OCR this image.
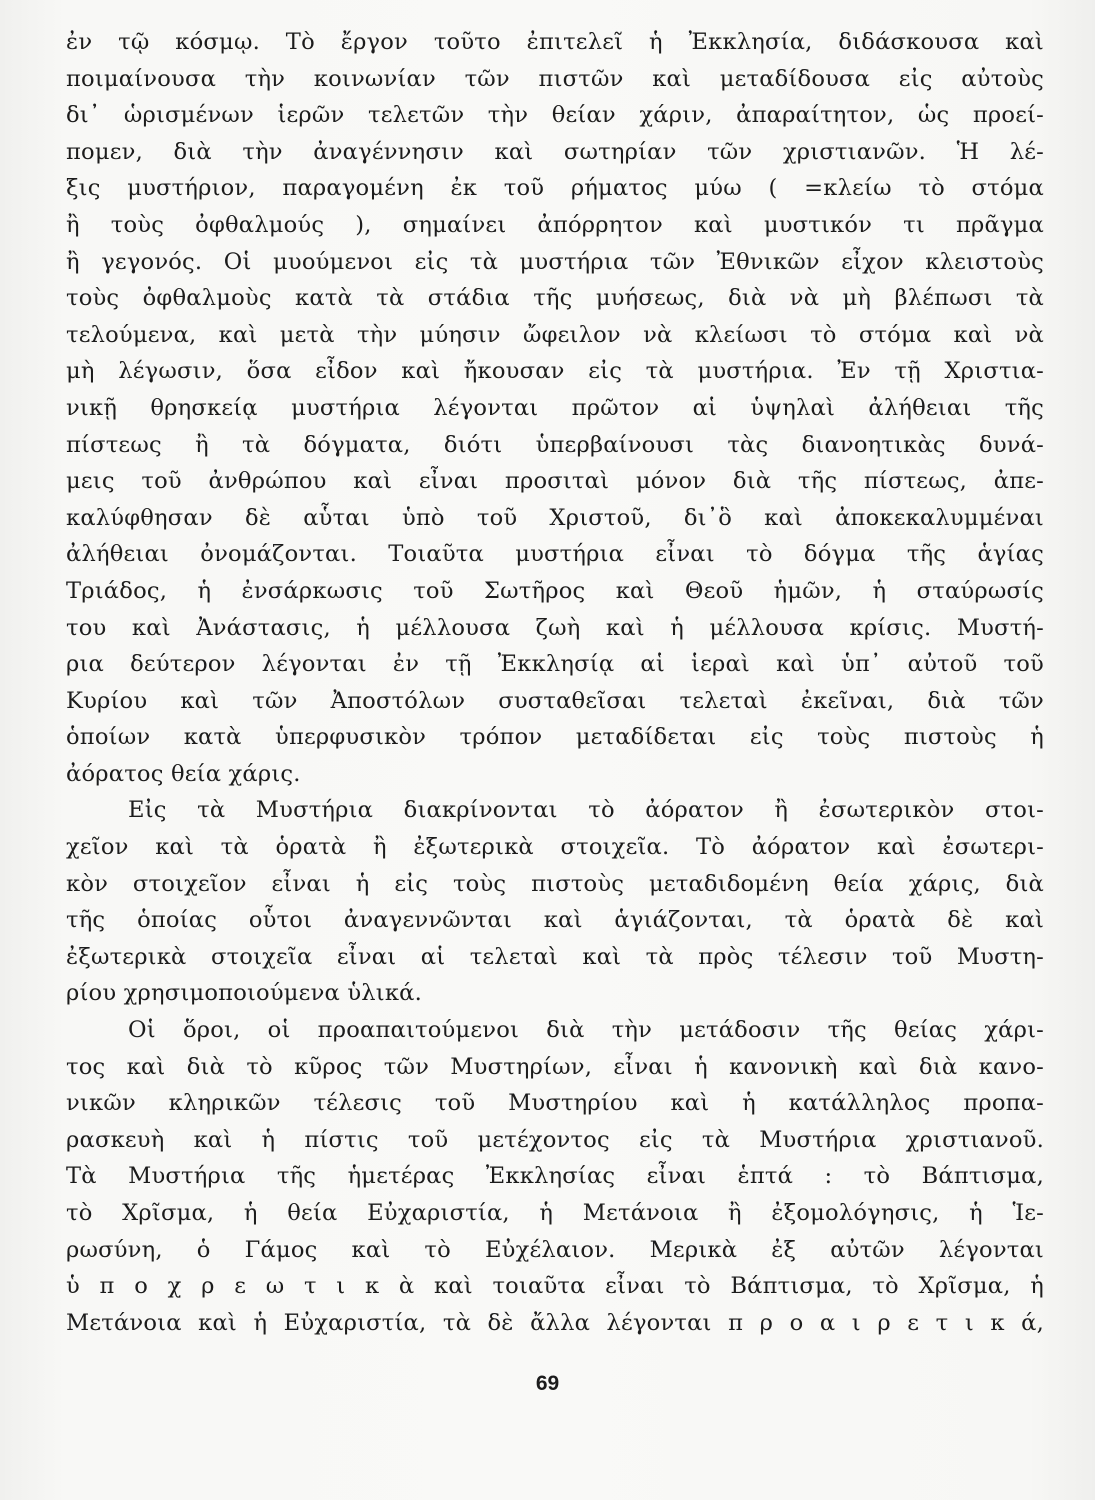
ἐν τῷ κόσμῳ. Τὸ ἔργον τοῦτο ἐπιτελεῖ ἡ Ἐκκλησία, διδάσκουσα καὶ
ποιμαίνουσα τὴν κοινωνίαν τῶν πιστῶν καὶ μεταδίδουσα εἰς αὐτοὺς
δι᾽ ὡρισμένων ἱερῶν τελετῶν τὴν θείαν χάριν, ἀπαραίτητον, ὡς προεί-
πομεν, διὰ τὴν ἀναγέννησιν καὶ σωτηρίαν τῶν χριστιανῶν. Ἡ λέ-
ξις μυστήριον, παραγομένη ἐκ τοῦ ρήματος μύω ( =κλείω τὸ στόμα
ἢ τοὺς ὀφθαλμούς ), σημαίνει ἀπόρρητον καὶ μυστικόν τι πρᾶγμα
ἢ γεγονός. Οἱ μυούμενοι εἰς τὰ μυστήρια τῶν Ἐθνικῶν εἶχον κλειστοὺς
τοὺς ὀφθαλμοὺς κατὰ τὰ στάδια τῆς μυήσεως, διὰ νὰ μὴ βλέπωσι τὰ
τελούμενα, καὶ μετὰ τὴν μύησιν ὤφειλον νὰ κλείωσι τὸ στόμα καὶ νὰ
μὴ λέγωσιν, ὅσα εἶδον καὶ ἤκουσαν εἰς τὰ μυστήρια. Ἐν τῇ Χριστια-
νικῇ θρησκείᾳ μυστήρια λέγονται πρῶτον αἱ ὑψηλαὶ ἀλήθειαι τῆς
πίστεως ἢ τὰ δόγματα, διότι ὑπερβαίνουσι τὰς διανοητικὰς δυνά-
μεις τοῦ ἀνθρώπου καὶ εἶναι προσιταὶ μόνον διὰ τῆς πίστεως, ἀπε-
καλύφθησαν δὲ αὗται ὑπὸ τοῦ Χριστοῦ, δι᾽ὃ καὶ ἀποκεκαλυμμέναι
ἀλήθειαι ὀνομάζονται. Τοιαῦτα μυστήρια εἶναι τὸ δόγμα τῆς ἁγίας
Τριάδος, ἡ ἐνσάρκωσις τοῦ Σωτῆρος καὶ Θεοῦ ἡμῶν, ἡ σταύρωσίς
του καὶ Ἀνάστασις, ἡ μέλλουσα ζωὴ καὶ ἡ μέλλουσα κρίσις. Μυστή-
ρια δεύτερον λέγονται ἐν τῇ Ἐκκλησίᾳ αἱ ἱεραὶ καὶ ὑπ᾽ αὐτοῦ τοῦ
Κυρίου καὶ τῶν Ἀποστόλων συσταθεῖσαι τελεταὶ ἐκεῖναι, διὰ τῶν
ὁποίων κατὰ ὑπερφυσικὸν τρόπον μεταδίδεται εἰς τοὺς πιστοὺς ἡ
ἀόρατος θεία χάρις.
Εἰς τὰ Μυστήρια διακρίνονται τὸ ἀόρατον ἢ ἐσωτερικὸν στοι-
χεῖον καὶ τὰ ὁρατὰ ἢ ἐξωτερικὰ στοιχεῖα. Τὸ ἀόρατον καὶ ἐσωτερι-
κὸν στοιχεῖον εἶναι ἡ εἰς τοὺς πιστοὺς μεταδιδομένη θεία χάρις, διὰ
τῆς ὁποίας οὗτοι ἀναγεννῶνται καὶ ἁγιάζονται, τὰ ὁρατὰ δὲ καὶ
ἐξωτερικὰ στοιχεῖα εἶναι αἱ τελεταὶ καὶ τὰ πρὸς τέλεσιν τοῦ Μυστη-
ρίου χρησιμοποιούμενα ὑλικά.
Οἱ ὅροι, οἱ προαπαιτούμενοι διὰ τὴν μετάδοσιν τῆς θείας χάρι-
τος καὶ διὰ τὸ κῦρος τῶν Μυστηρίων, εἶναι ἡ κανονικὴ καὶ διὰ κανο-
νικῶν κληρικῶν τέλεσις τοῦ Μυστηρίου καὶ ἡ κατάλληλος προπα-
ρασκευὴ καὶ ἡ πίστις τοῦ μετέχοντος εἰς τὰ Μυστήρια χριστιανοῦ.
Τὰ Μυστήρια τῆς ἡμετέρας Ἐκκλησίας εἶναι ἑπτά : τὸ Βάπτισμα,
τὸ Χρῖσμα, ἡ θεία Εὐχαριστία, ἡ Μετάνοια ἢ ἐξομολόγησις, ἡ Ἱε-
ρωσύνη, ὁ Γάμος καὶ τὸ Εὐχέλαιον. Μερικὰ ἐξ αὐτῶν λέγονται
ὑ π ο χ ρ ε ω τ ι κ ὰ καὶ τοιαῦτα εἶναι τὸ Βάπτισμα, τὸ Χρῖσμα, ἡ
Μετάνοια καὶ ἡ Εὐχαριστία, τὰ δὲ ἄλλα λέγονται π ρ ο α ι ρ ε τ ι κ ά,
69
